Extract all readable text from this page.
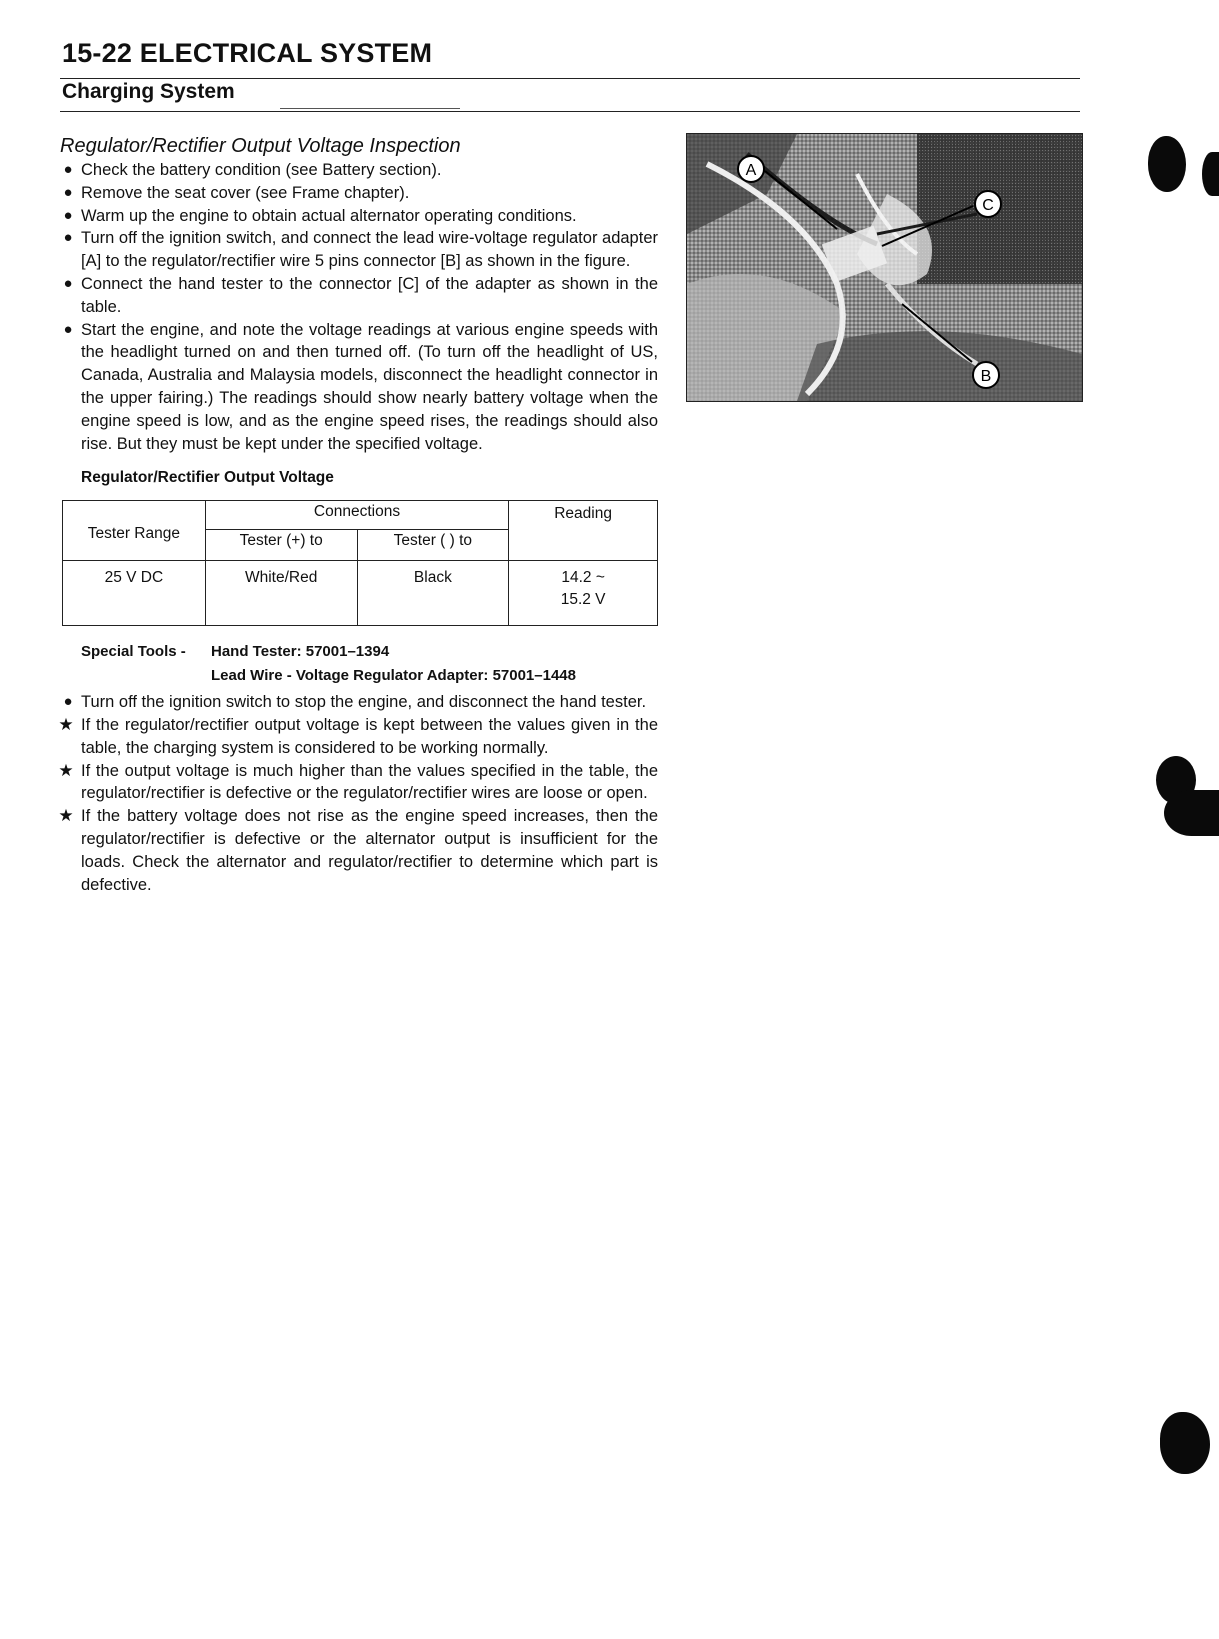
15-22 ELECTRICAL SYSTEM
Charging System
Regulator/Rectifier Output Voltage Inspection
● Check the battery condition (see Battery section).
● Remove the seat cover (see Frame chapter).
● Warm up the engine to obtain actual alternator operating conditions.
● Turn off the ignition switch, and connect the lead wire-voltage regulator adapter [A] to the regulator/rectifier wire 5 pins connector [B] as shown in the figure.
● Connect the hand tester to the connector [C] of the adapter as shown in the table.
● Start the engine, and note the voltage readings at various engine speeds with the headlight turned on and then turned off. (To turn off the headlight of US, Canada, Australia and Malaysia models, disconnect the headlight connector in the upper fairing.) The readings should show nearly battery voltage when the engine speed is low, and as the engine speed rises, the readings should also rise. But they must be kept under the specified voltage.
Regulator/Rectifier Output Voltage
Tester Range	Connections		Reading
	Tester (+) to	Tester ( ) to	
25 V DC	White/Red	Black	14.2 ~
15.2 V
Special Tools - Hand Tester: 57001–1394
Lead Wire - Voltage Regulator Adapter: 57001–1448
● Turn off the ignition switch to stop the engine, and disconnect the hand tester.
★ If the regulator/rectifier output voltage is kept between the values given in the table, the charging system is considered to be working normally.
★ If the output voltage is much higher than the values specified in the table, the regulator/rectifier is defective or the regulator/rectifier wires are loose or open.
★ If the battery voltage does not rise as the engine speed increases, then the regulator/rectifier is defective or the alternator output is insufficient for the loads. Check the alternator and regulator/rectifier to determine which part is defective.
A
C
B
